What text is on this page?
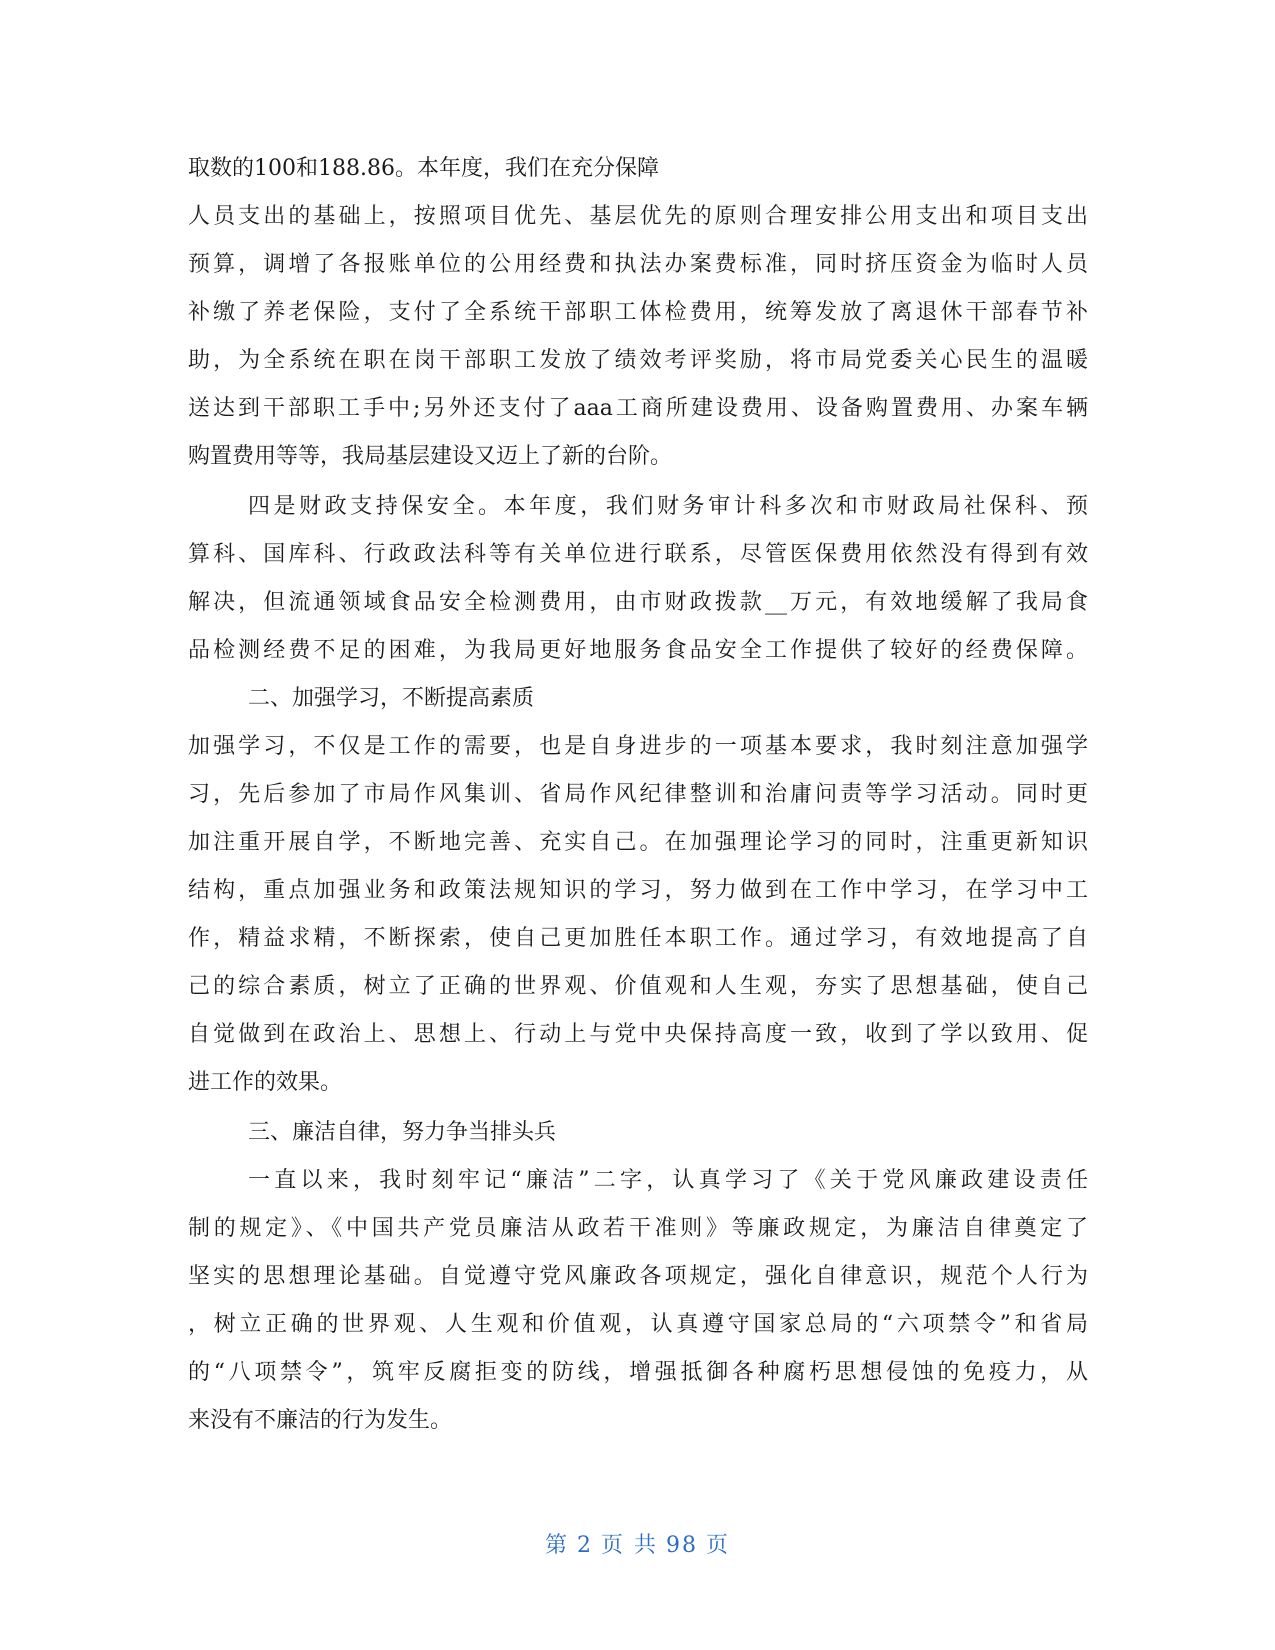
取数的100和188.86。本年度，我们在充分保障

人员支出的基础上，按照项目优先、基层优先的原则合理安排公用支出和项目支出

预算，调增了各报账单位的公用经费和执法办案费标准，同时挤压资金为临时人员

补缴了养老保险，支付了全系统干部职工体检费用，统筹发放了离退休干部春节补

助，为全系统在职在岗干部职工发放了绩效考评奖励，将市局党委关心民生的温暖

送达到干部职工手中;另外还支付了aaa工商所建设费用、设备购置费用、办案车辆

购置费用等等，我局基层建设又迈上了新的台阶。

四是财政支持保安全。本年度，我们财务审计科多次和市财政局社保科、预

算科、国库科、行政政法科等有关单位进行联系，尽管医保费用依然没有得到有效

解决，但流通领域食品安全检测费用，由市财政拨款__万元，有效地缓解了我局食

品检测经费不足的困难，为我局更好地服务食品安全工作提供了较好的经费保障。

二、加强学习，不断提高素质

加强学习，不仅是工作的需要，也是自身进步的一项基本要求，我时刻注意加强学

习，先后参加了市局作风集训、省局作风纪律整训和治庸问责等学习活动。同时更

加注重开展自学，不断地完善、充实自己。在加强理论学习的同时，注重更新知识

结构，重点加强业务和政策法规知识的学习，努力做到在工作中学习，在学习中工

作，精益求精，不断探索，使自己更加胜任本职工作。通过学习，有效地提高了自

己的综合素质，树立了正确的世界观、价值观和人生观，夯实了思想基础，使自己

自觉做到在政治上、思想上、行动上与党中央保持高度一致，收到了学以致用、促

进工作的效果。

三、廉洁自律，努力争当排头兵

一直以来，我时刻牢记“廉洁”二字，认真学习了《关于党风廉政建设责任

制的规定》、《中国共产党员廉洁从政若干准则》等廉政规定，为廉洁自律奠定了

坚实的思想理论基础。自觉遵守党风廉政各项规定，强化自律意识，规范个人行为

，树立正确的世界观、人生观和价值观，认真遵守国家总局的“六项禁令”和省局

的“八项禁令”，筑牢反腐拒变的防线，增强抵御各种腐朽思想侵蚀的免疫力，从

来没有不廉洁的行为发生。

第 2 页 共 98 页
